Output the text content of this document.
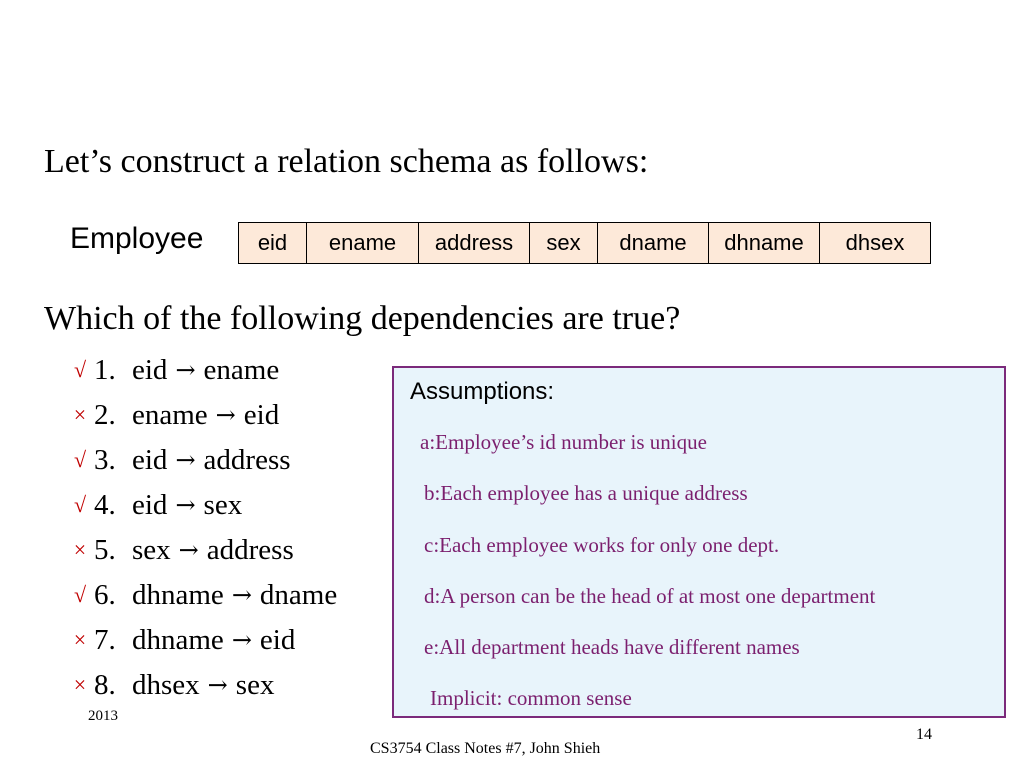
Let’s construct a relation schema as follows:
Employee	eid	ename	address	sex	dname	dhname	dhsex
Which of the following dependencies are true?
√ 1. eid → ename
× 2. ename → eid
√ 3. eid → address
√ 4. eid → sex
× 5. sex → address
√ 6. dhname → dname
× 7. dhname → eid
× 8. dhsex → sex
Assumptions:
a:Employee’s id number is unique
b:Each employee has a unique address
c:Each employee works for only one dept.
d:A person can be the head of at most one department
e:All department heads have different names
Implicit: common sense
2013
14
CS3754 Class Notes #7, John Shieh
